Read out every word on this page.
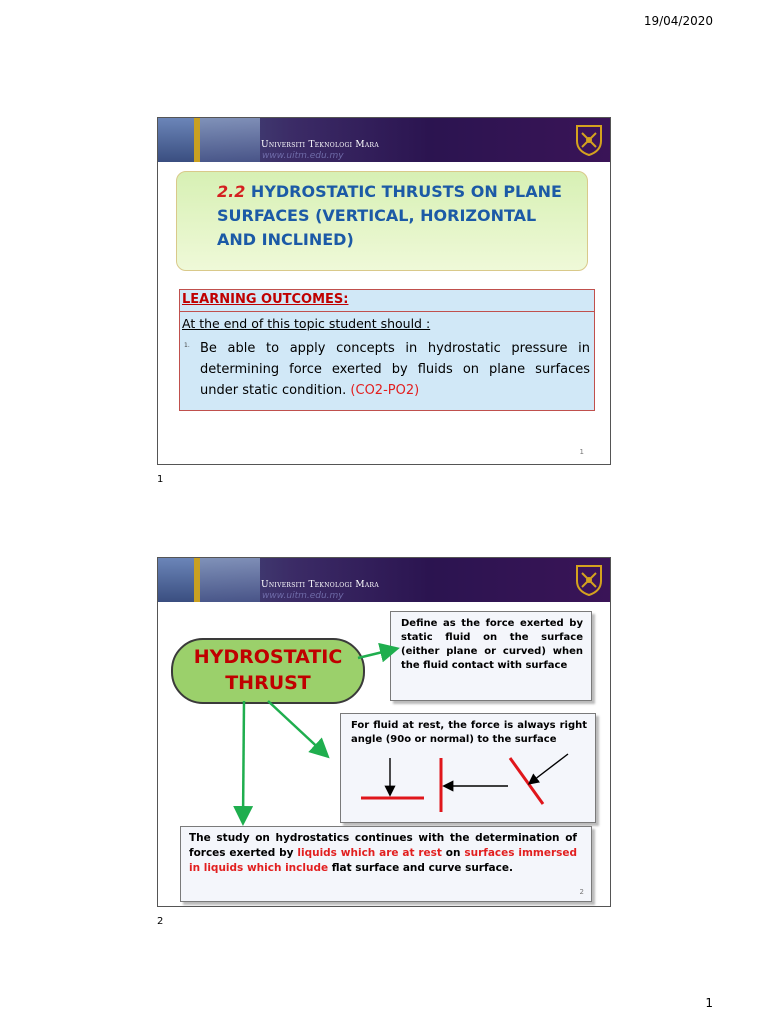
19/04/2020
Universiti Teknologi Mara
www.uitm.edu.my
2.2 HYDROSTATIC THRUSTS ON PLANE SURFACES (VERTICAL, HORIZONTAL AND INCLINED)
LEARNING OUTCOMES:
At the end of this topic student should :
1. Be able to apply concepts in hydrostatic pressure in determining force exerted by fluids on plane surfaces under static condition. (CO2-PO2)
1
1
Universiti Teknologi Mara
www.uitm.edu.my
HYDROSTATIC THRUST
Define as the force exerted by static fluid on the surface (either plane or curved) when the fluid contact with surface
For fluid at rest, the force is always right angle (90o or normal) to the surface
The study on hydrostatics continues with the determination of forces exerted by liquids which are at rest on surfaces immersed in liquids which include flat surface and curve surface.
2
2
1
